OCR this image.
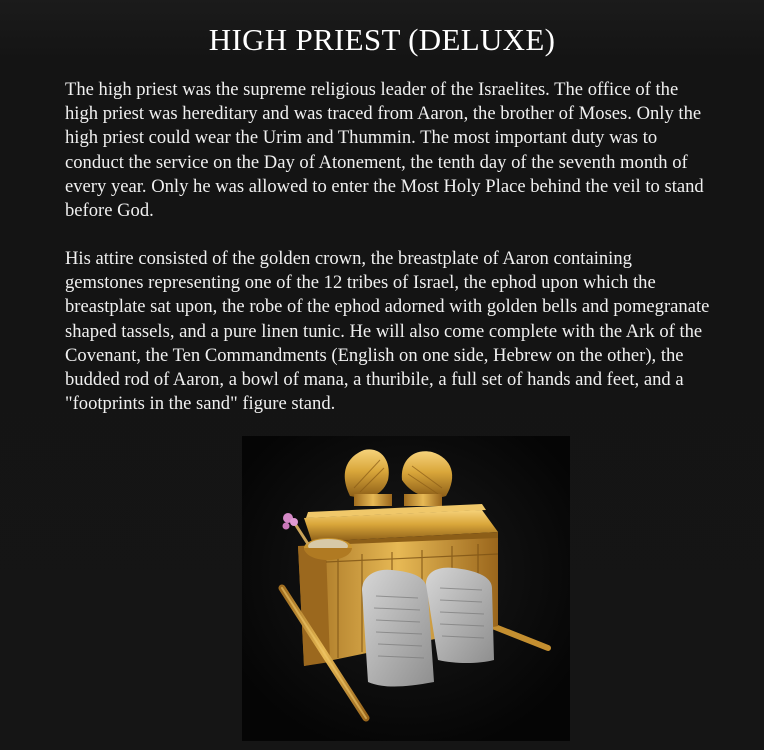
HIGH PRIEST (DELUXE)

The high priest was the supreme religious leader of the Israelites. The office of the high priest was hereditary and was traced from Aaron, the brother of Moses. Only the high priest could wear the Urim and Thummin. The most important duty was to conduct the service on the Day of Atonement, the tenth day of the seventh month of every year. Only he was allowed to enter the Most Holy Place behind the veil to stand before God.

His attire consisted of the golden crown, the breastplate of Aaron containing gemstones representing one of the 12 tribes of Israel, the ephod upon which the breastplate sat upon, the robe of the ephod adorned with golden bells and pomegranate shaped tassels, and a pure linen tunic. He will also come complete with the Ark of the Covenant, the Ten Commandments (English on one side, Hebrew on the other), the budded rod of Aaron, a bowl of mana, a thuribile, a full set of hands and feet, and a "footprints in the sand" figure stand.
